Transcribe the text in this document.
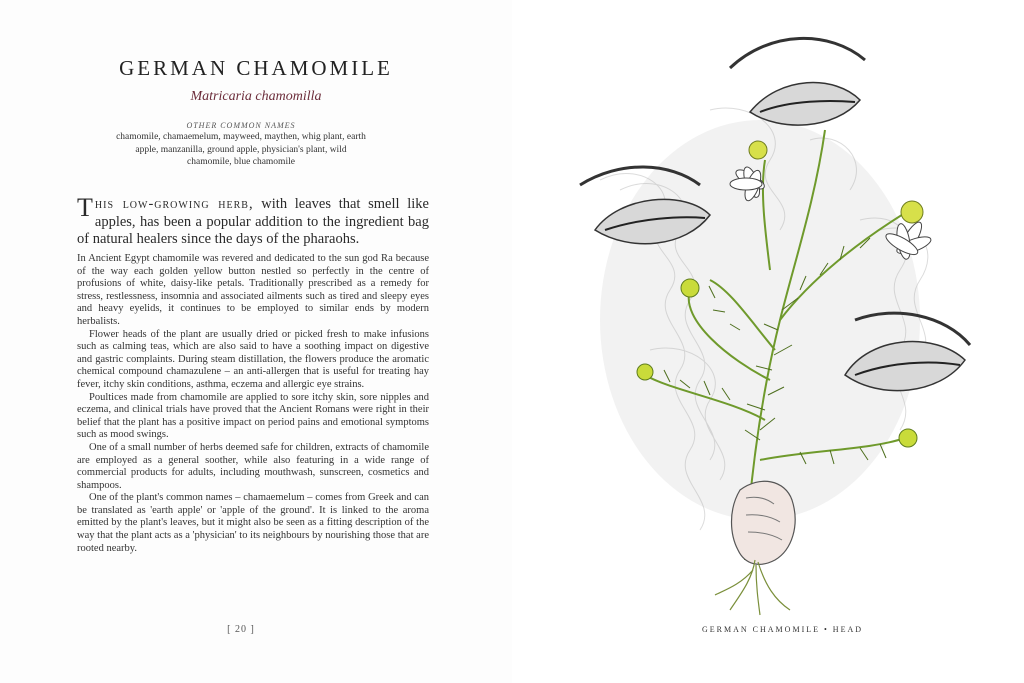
GERMAN CHAMOMILE
Matricaria chamomilla
OTHER COMMON NAMES
chamomile, chamaemelum, mayweed, maythen, whig plant, earth apple, manzanilla, ground apple, physician's plant, wild chamomile, blue chamomile
This low-growing herb, with leaves that smell like apples, has been a popular addition to the ingredient bag of natural healers since the days of the pharaohs.

In Ancient Egypt chamomile was revered and dedicated to the sun god Ra because of the way each golden yellow button nestled so perfectly in the centre of profusions of white, daisy-like petals. Traditionally prescribed as a remedy for stress, restlessness, insomnia and associated ailments such as tired and sleepy eyes and heavy eyelids, it continues to be employed to similar ends by modern herbalists.

Flower heads of the plant are usually dried or picked fresh to make infusions such as calming teas, which are also said to have a soothing impact on digestive and gastric complaints. During steam distillation, the flowers produce the aromatic chemical compound chamazulene – an anti-allergen that is useful for treating hay fever, itchy skin conditions, asthma, eczema and allergic eye strains.

Poultices made from chamomile are applied to sore itchy skin, sore nipples and eczema, and clinical trials have proved that the Ancient Romans were right in their belief that the plant has a positive impact on period pains and emotional symptoms such as mood swings.

One of a small number of herbs deemed safe for children, extracts of chamomile are employed as a general soother, while also featuring in a wide range of commercial products for adults, including mouthwash, sunscreen, cosmetics and shampoos.

One of the plant's common names – chamaemelum – comes from Greek and can be translated as 'earth apple' or 'apple of the ground'. It is linked to the aroma emitted by the plant's leaves, but it might also be seen as a fitting description of the way that the plant acts as a 'physician' to its neighbours by nourishing those that are rooted nearby.

[ 20 ]	GERMAN CHAMOMILE • HEAD
